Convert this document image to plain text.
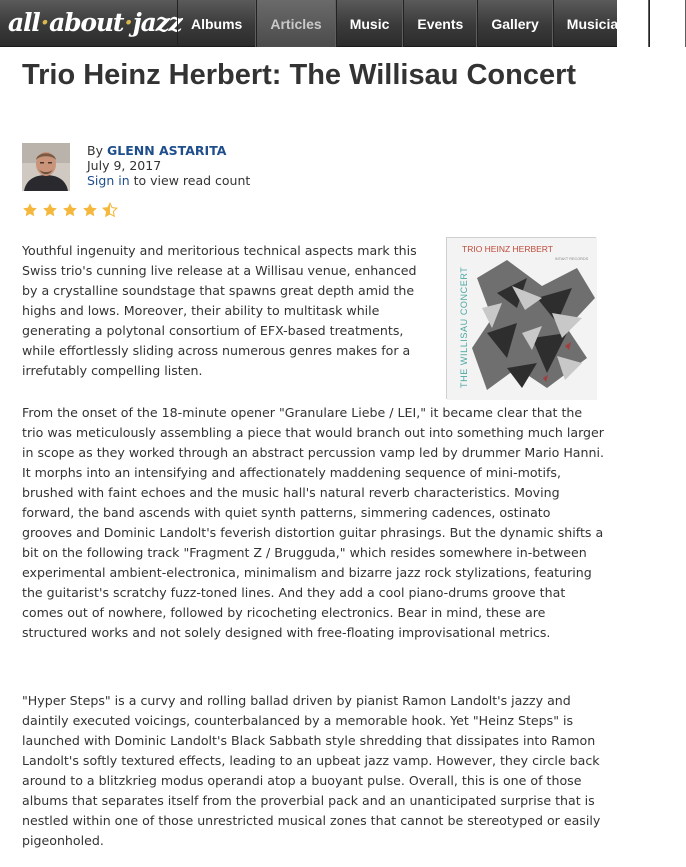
all·about·jazz Albums	Articles	Music	Events	Gallery	Musicians	M
Trio Heinz Herbert: The Willisau Concert
By GLENN ASTARITA
July 9, 2017
Sign in to view read count
TRIO HEINZ HERBERT
INTAKT RECORDS
THE WILLISAU CONCERT

Youthful ingenuity and meritorious technical aspects mark this Swiss trio's cunning live release at a Willisau venue, enhanced by a crystalline soundstage that spawns great depth amid the highs and lows. Moreover, their ability to multitask while generating a polytonal consortium of EFX-based treatments, while effortlessly sliding across numerous genres makes for a irrefutably compelling listen.

From the onset of the 18-minute opener "Granulare Liebe / LEI," it became clear that the trio was meticulously assembling a piece that would branch out into something much larger in scope as they worked through an abstract percussion vamp led by drummer Mario Hanni. It morphs into an intensifying and affectionately maddening sequence of mini-motifs, brushed with faint echoes and the music hall's natural reverb characteristics. Moving forward, the band ascends with quiet synth patterns, simmering cadences, ostinato grooves and Dominic Landolt's feverish distortion guitar phrasings. But the dynamic shifts a bit on the following track "Fragment Z / Brugguda," which resides somewhere in-between experimental ambient-electronica, minimalism and bizarre jazz rock stylizations, featuring the guitarist's scratchy fuzz-toned lines. And they add a cool piano-drums groove that comes out of nowhere, followed by ricocheting electronics. Bear in mind, these are structured works and not solely designed with free-floating improvisational metrics.

"Hyper Steps" is a curvy and rolling ballad driven by pianist Ramon Landolt's jazzy and daintily executed voicings, counterbalanced by a memorable hook. Yet "Heinz Steps" is launched with Dominic Landolt's Black Sabbath style shredding that dissipates into Ramon Landolt's softly textured effects, leading to an upbeat jazz vamp. However, they circle back around to a blitzkrieg modus operandi atop a buoyant pulse. Overall, this is one of those albums that separates itself from the proverbial pack and an unanticipated surprise that is nestled within one of those unrestricted musical zones that cannot be stereotyped or easily pigeonholed.
